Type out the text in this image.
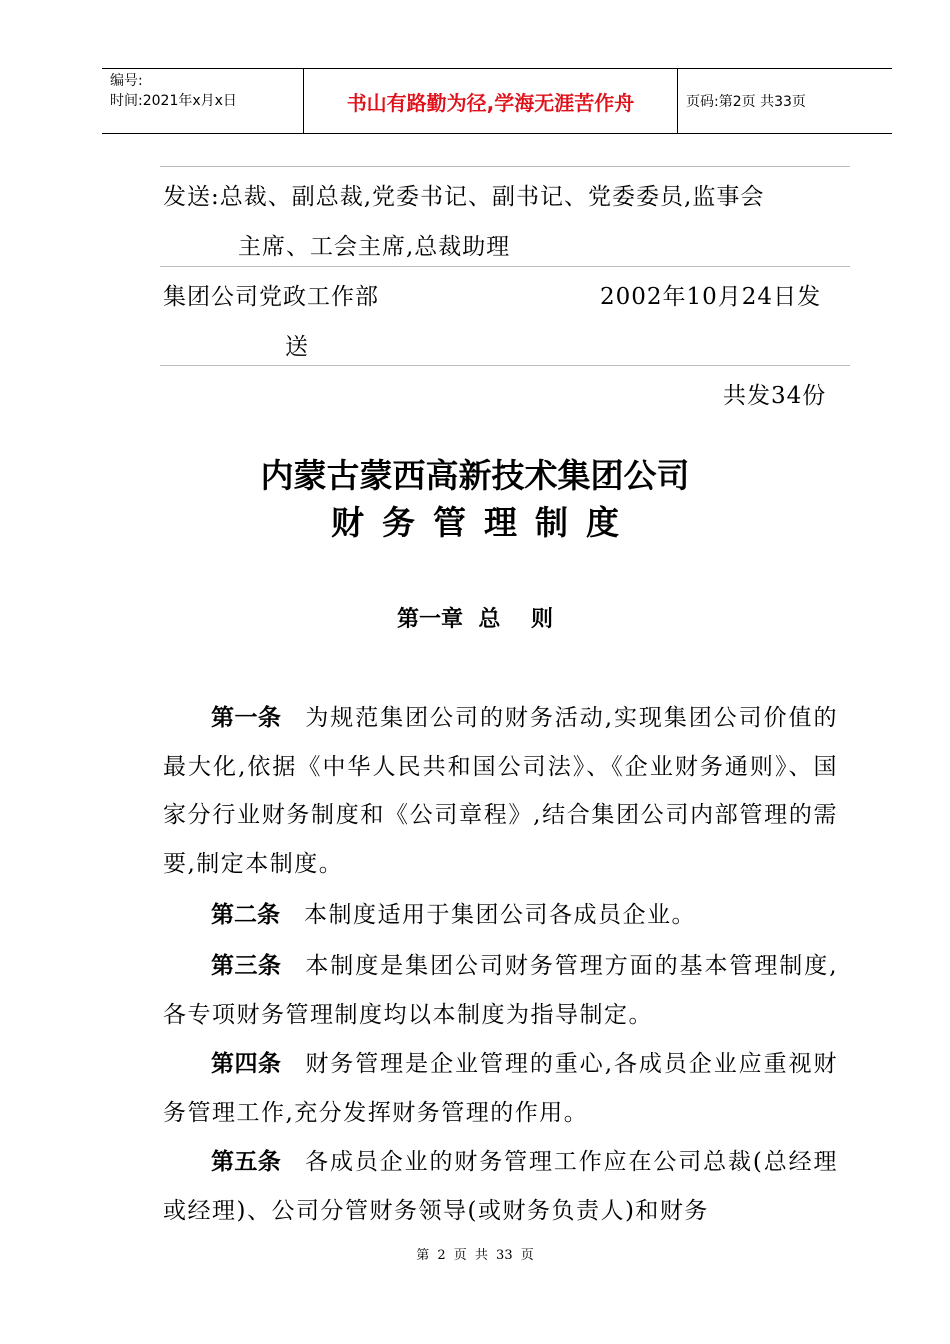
编号:
时间:2021年x月x日	书山有路勤为径,学海无涯苦作舟	页码:第2页 共33页
发送:总裁、副总裁,党委书记、副书记、党委委员,监事会
主席、工会主席,总裁助理
集团公司党政工作部	2002年10月24日发
送
共发34份
内蒙古蒙西高新技术集团公司
财务管理制度
第一章  总    则
第一条 为规范集团公司的财务活动,实现集团公司价值的最大化,依据《中华人民共和国公司法》、《企业财务通则》、国家分行业财务制度和《公司章程》,结合集团公司内部管理的需要,制定本制度。
第二条 本制度适用于集团公司各成员企业。
第三条 本制度是集团公司财务管理方面的基本管理制度,各专项财务管理制度均以本制度为指导制定。
第四条 财务管理是企业管理的重心,各成员企业应重视财务管理工作,充分发挥财务管理的作用。
第五条 各成员企业的财务管理工作应在公司总裁(总经理或经理)、公司分管财务领导(或财务负责人)和财务
第 2 页 共 33 页
